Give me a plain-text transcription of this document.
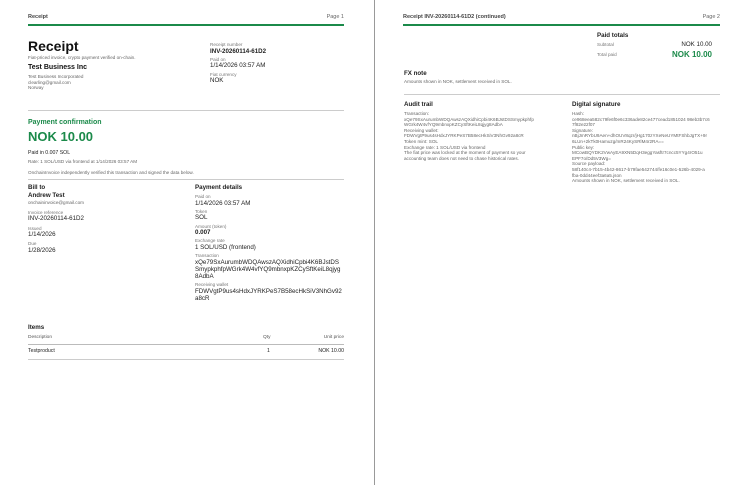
Receipt	Page 1
Receipt
Fiat-priced invoice, crypto payment verified on-chain.
Test Business Inc
Test Business Incorporated
clearling@gmail.com
Norway
Receipt number
INV-20260114-61D2
Paid on
1/14/2026 03:57 AM
Fiat currency
NOK
Payment confirmation
NOK 10.00
Paid in 0.007 SOL
Rate: 1 SOL/USD via frontend at 1/14/2026 03:57 AM
OnchainInvoice independently verified this transaction and signed the data below.
Bill to
Andrew Test
onchaininvoice@gmail.com
Invoice reference
INV-20260114-61D2
Issued
1/14/2026
Due
1/28/2026
Payment details
Paid on
1/14/2026 03:57 AM
Token
SOL
Amount (token)
0.007
Exchange rate
1 SOL/USD (frontend)
Transaction
xQe79SxAurumbWDQAwszAQXidhiCpbi4K6BJstDSSmypkphfpWGrk4W4vfYQ9mbnxpKZCySftKeiL8qjyg8AdbA
Receiving wallet
FDWVgtP9us4sHdxJYRKPeS7B58ecHkSiV3NhGv92a8cR
Items
Description	Qty	Unit price
Testproduct	1	NOK 10.00
Receipt INV-20260114-61D2 (continued)	Page 2
Paid totals
Subtotal	NOK 10.00
Total paid	NOK 10.00
FX note
Amounts shown in NOK, settlement received in SOL.
Audit trail
Transaction:
xQe79SxAurumbWDQAwszAQXidhiCpbi4K6BJstDSSmypkphfp
WGrk4W4vfYQ9mbnxpKZCySftKeiL8qjyg8AdbA
Receiving wallet:
FDWVgtP9us4sHdxJYRKPeS7B58ecHkSiV3NhGv92a8cR
Token mint: SOL
Exchange rate: 1 SOL/USD via frontend
The fiat price was locked at the moment of payment so your
accounting team does not need to chase historical rates.
Digital signature
Hash:
ce968eea582c79fe6f0e6c336ade82ce477cead1851024 98eb3b7c6
7f82e22f07
Signature:
nBjJmRYbU9Aen+dhOUV8qzr/jHg170zYXeNeUYMtFShbJgTX+9r
6LUn+2kTk0Hamuzg/mR24KySRlM4r2RA==
Public key:
MCowBQYDK2VwAyEA9XN5DqH3eggYasftr7cncc5YYg4rO51u
EPF7o/Dd5V3Wg=
Source payload:
58f140c4-7b15-4b42-8617-b79fae542744/fe16c0e1-526b-4029-a
fba-0dd44eef3a6a5.json
Amounts shown in NOK, settlement received in SOL.
